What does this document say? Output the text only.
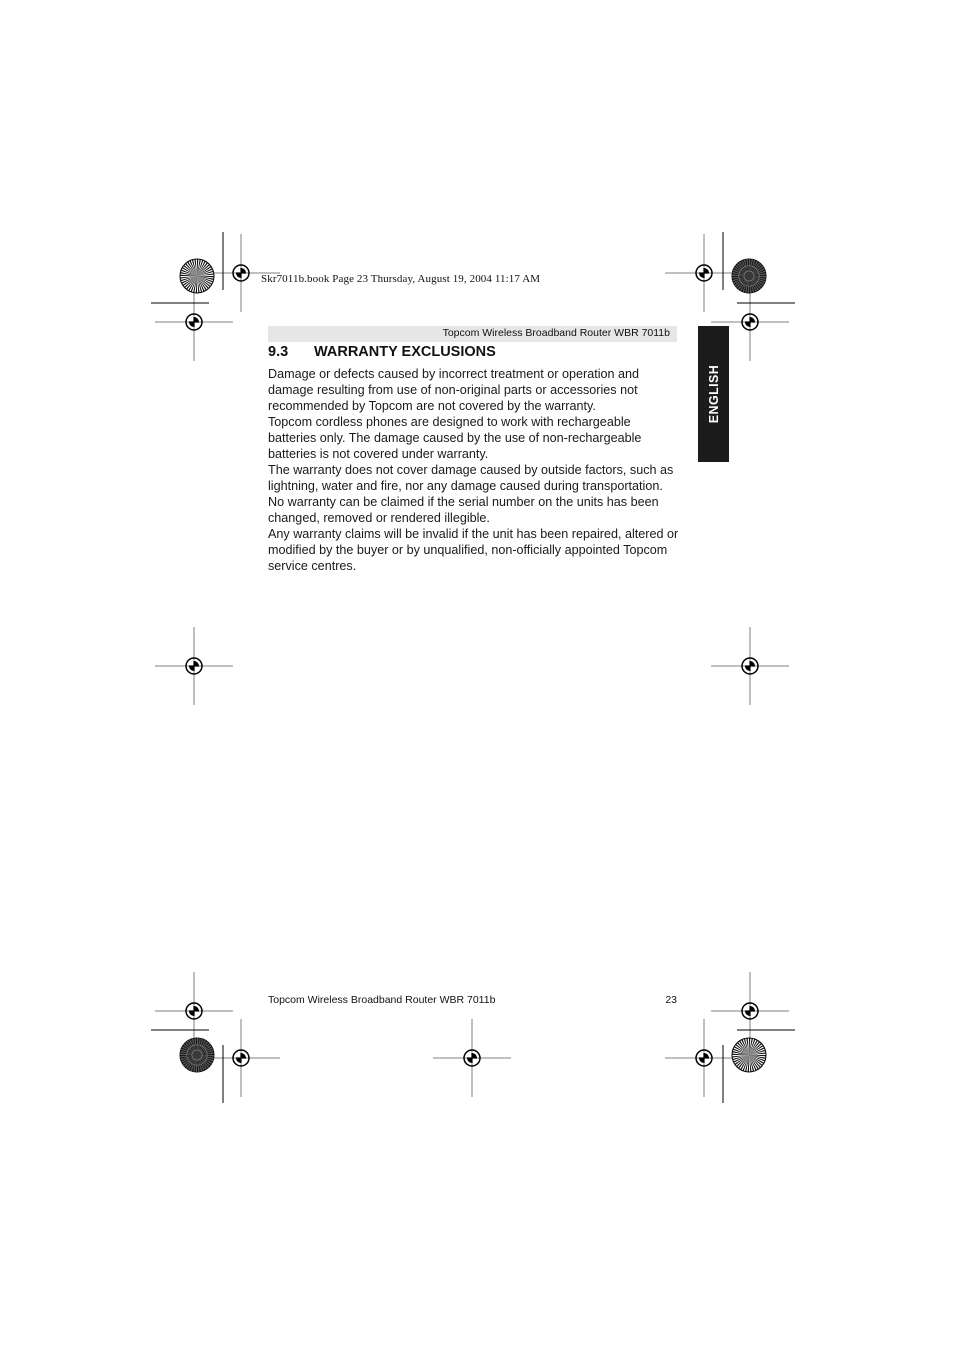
Skr7011b.book Page 23 Thursday, August 19, 2004 11:17 AM
Topcom Wireless Broadband Router WBR 7011b
9.3 WARRANTY EXCLUSIONS

Damage or defects caused by incorrect treatment or operation and damage resulting from use of non-original parts or accessories not recommended by Topcom are not covered by the warranty.

Topcom cordless phones are designed to work with rechargeable batteries only. The damage caused by the use of non-rechargeable batteries is not covered under warranty.

The warranty does not cover damage caused by outside factors, such as lightning, water and fire, nor any damage caused during transportation.

No warranty can be claimed if the serial number on the units has been changed, removed or rendered illegible.

Any warranty claims will be invalid if the unit has been repaired, altered or modified by the buyer or by unqualified, non-officially appointed Topcom service centres.

ENGLISH
Topcom Wireless Broadband Router WBR 7011b	23
